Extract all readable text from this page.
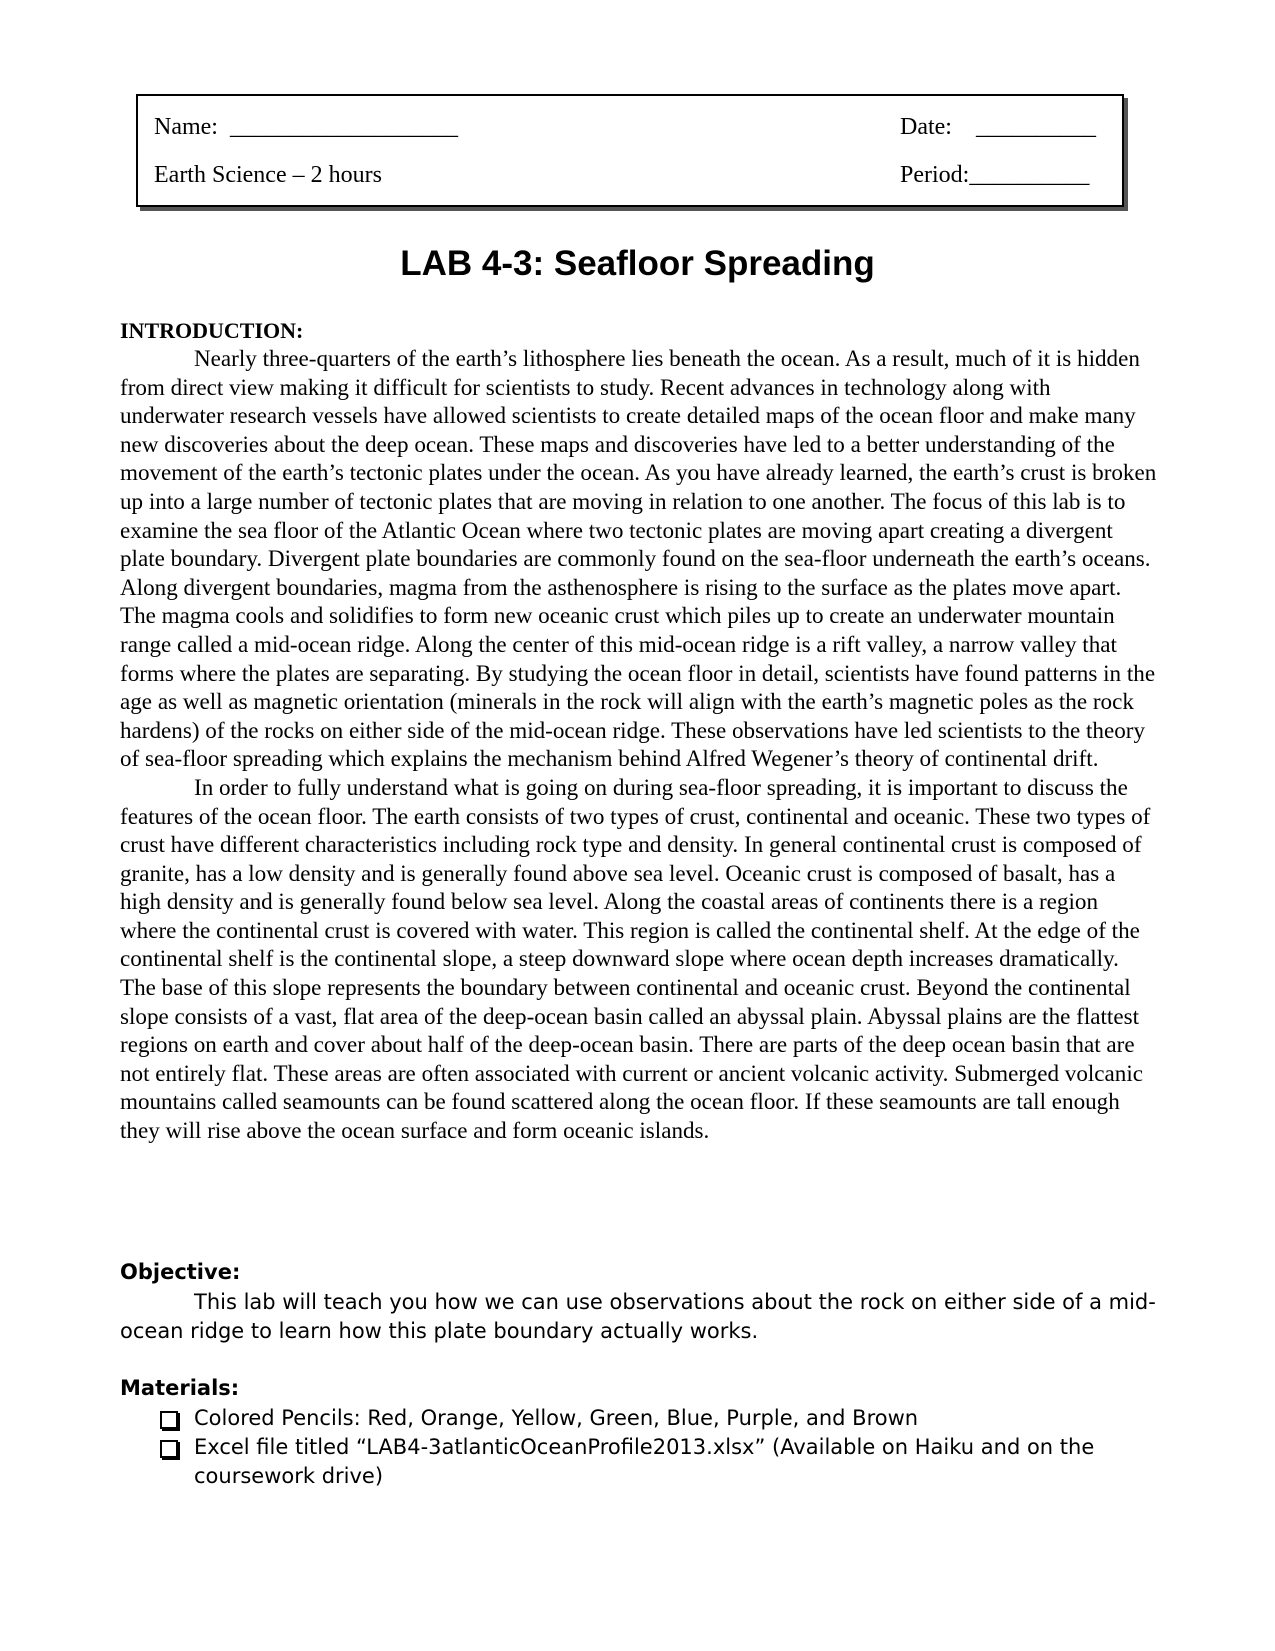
Name:  ___________________
Earth Science – 2 hours
Date:    __________
Period:__________
LAB 4-3: Seafloor Spreading
INTRODUCTION:

Nearly three-quarters of the earth’s lithosphere lies beneath the ocean. As a result, much of it is hidden from direct view making it difficult for scientists to study. Recent advances in technology along with underwater research vessels have allowed scientists to create detailed maps of the ocean floor and make many new discoveries about the deep ocean. These maps and discoveries have led to a better understanding of the movement of the earth’s tectonic plates under the ocean. As you have already learned, the earth’s crust is broken up into a large number of tectonic plates that are moving in relation to one another. The focus of this lab is to examine the sea floor of the Atlantic Ocean where two tectonic plates are moving apart creating a divergent plate boundary. Divergent plate boundaries are commonly found on the sea-floor underneath the earth’s oceans. Along divergent boundaries, magma from the asthenosphere is rising to the surface as the plates move apart. The magma cools and solidifies to form new oceanic crust which piles up to create an underwater mountain range called a mid-ocean ridge. Along the center of this mid-ocean ridge is a rift valley, a narrow valley that forms where the plates are separating. By studying the ocean floor in detail, scientists have found patterns in the age as well as magnetic orientation (minerals in the rock will align with the earth’s magnetic poles as the rock hardens) of the rocks on either side of the mid-ocean ridge. These observations have led scientists to the theory of sea-floor spreading which explains the mechanism behind Alfred Wegener’s theory of continental drift.

In order to fully understand what is going on during sea-floor spreading, it is important to discuss the features of the ocean floor. The earth consists of two types of crust, continental and oceanic. These two types of crust have different characteristics including rock type and density. In general continental crust is composed of granite, has a low density and is generally found above sea level. Oceanic crust is composed of basalt, has a high density and is generally found below sea level. Along the coastal areas of continents there is a region where the continental crust is covered with water. This region is called the continental shelf. At the edge of the continental shelf is the continental slope, a steep downward slope where ocean depth increases dramatically. The base of this slope represents the boundary between continental and oceanic crust. Beyond the continental slope consists of a vast, flat area of the deep-ocean basin called an abyssal plain. Abyssal plains are the flattest regions on earth and cover about half of the deep-ocean basin. There are parts of the deep ocean basin that are not entirely flat. These areas are often associated with current or ancient volcanic activity. Submerged volcanic mountains called seamounts can be found scattered along the ocean floor. If these seamounts are tall enough they will rise above the ocean surface and form oceanic islands.

Objective:

This lab will teach you how we can use observations about the rock on either side of a mid-ocean ridge to learn how this plate boundary actually works.

Materials:
Colored Pencils: Red, Orange, Yellow, Green, Blue, Purple, and Brown
Excel file titled “LAB4-3atlanticOceanProfile2013.xlsx” (Available on Haiku and on the coursework drive)
